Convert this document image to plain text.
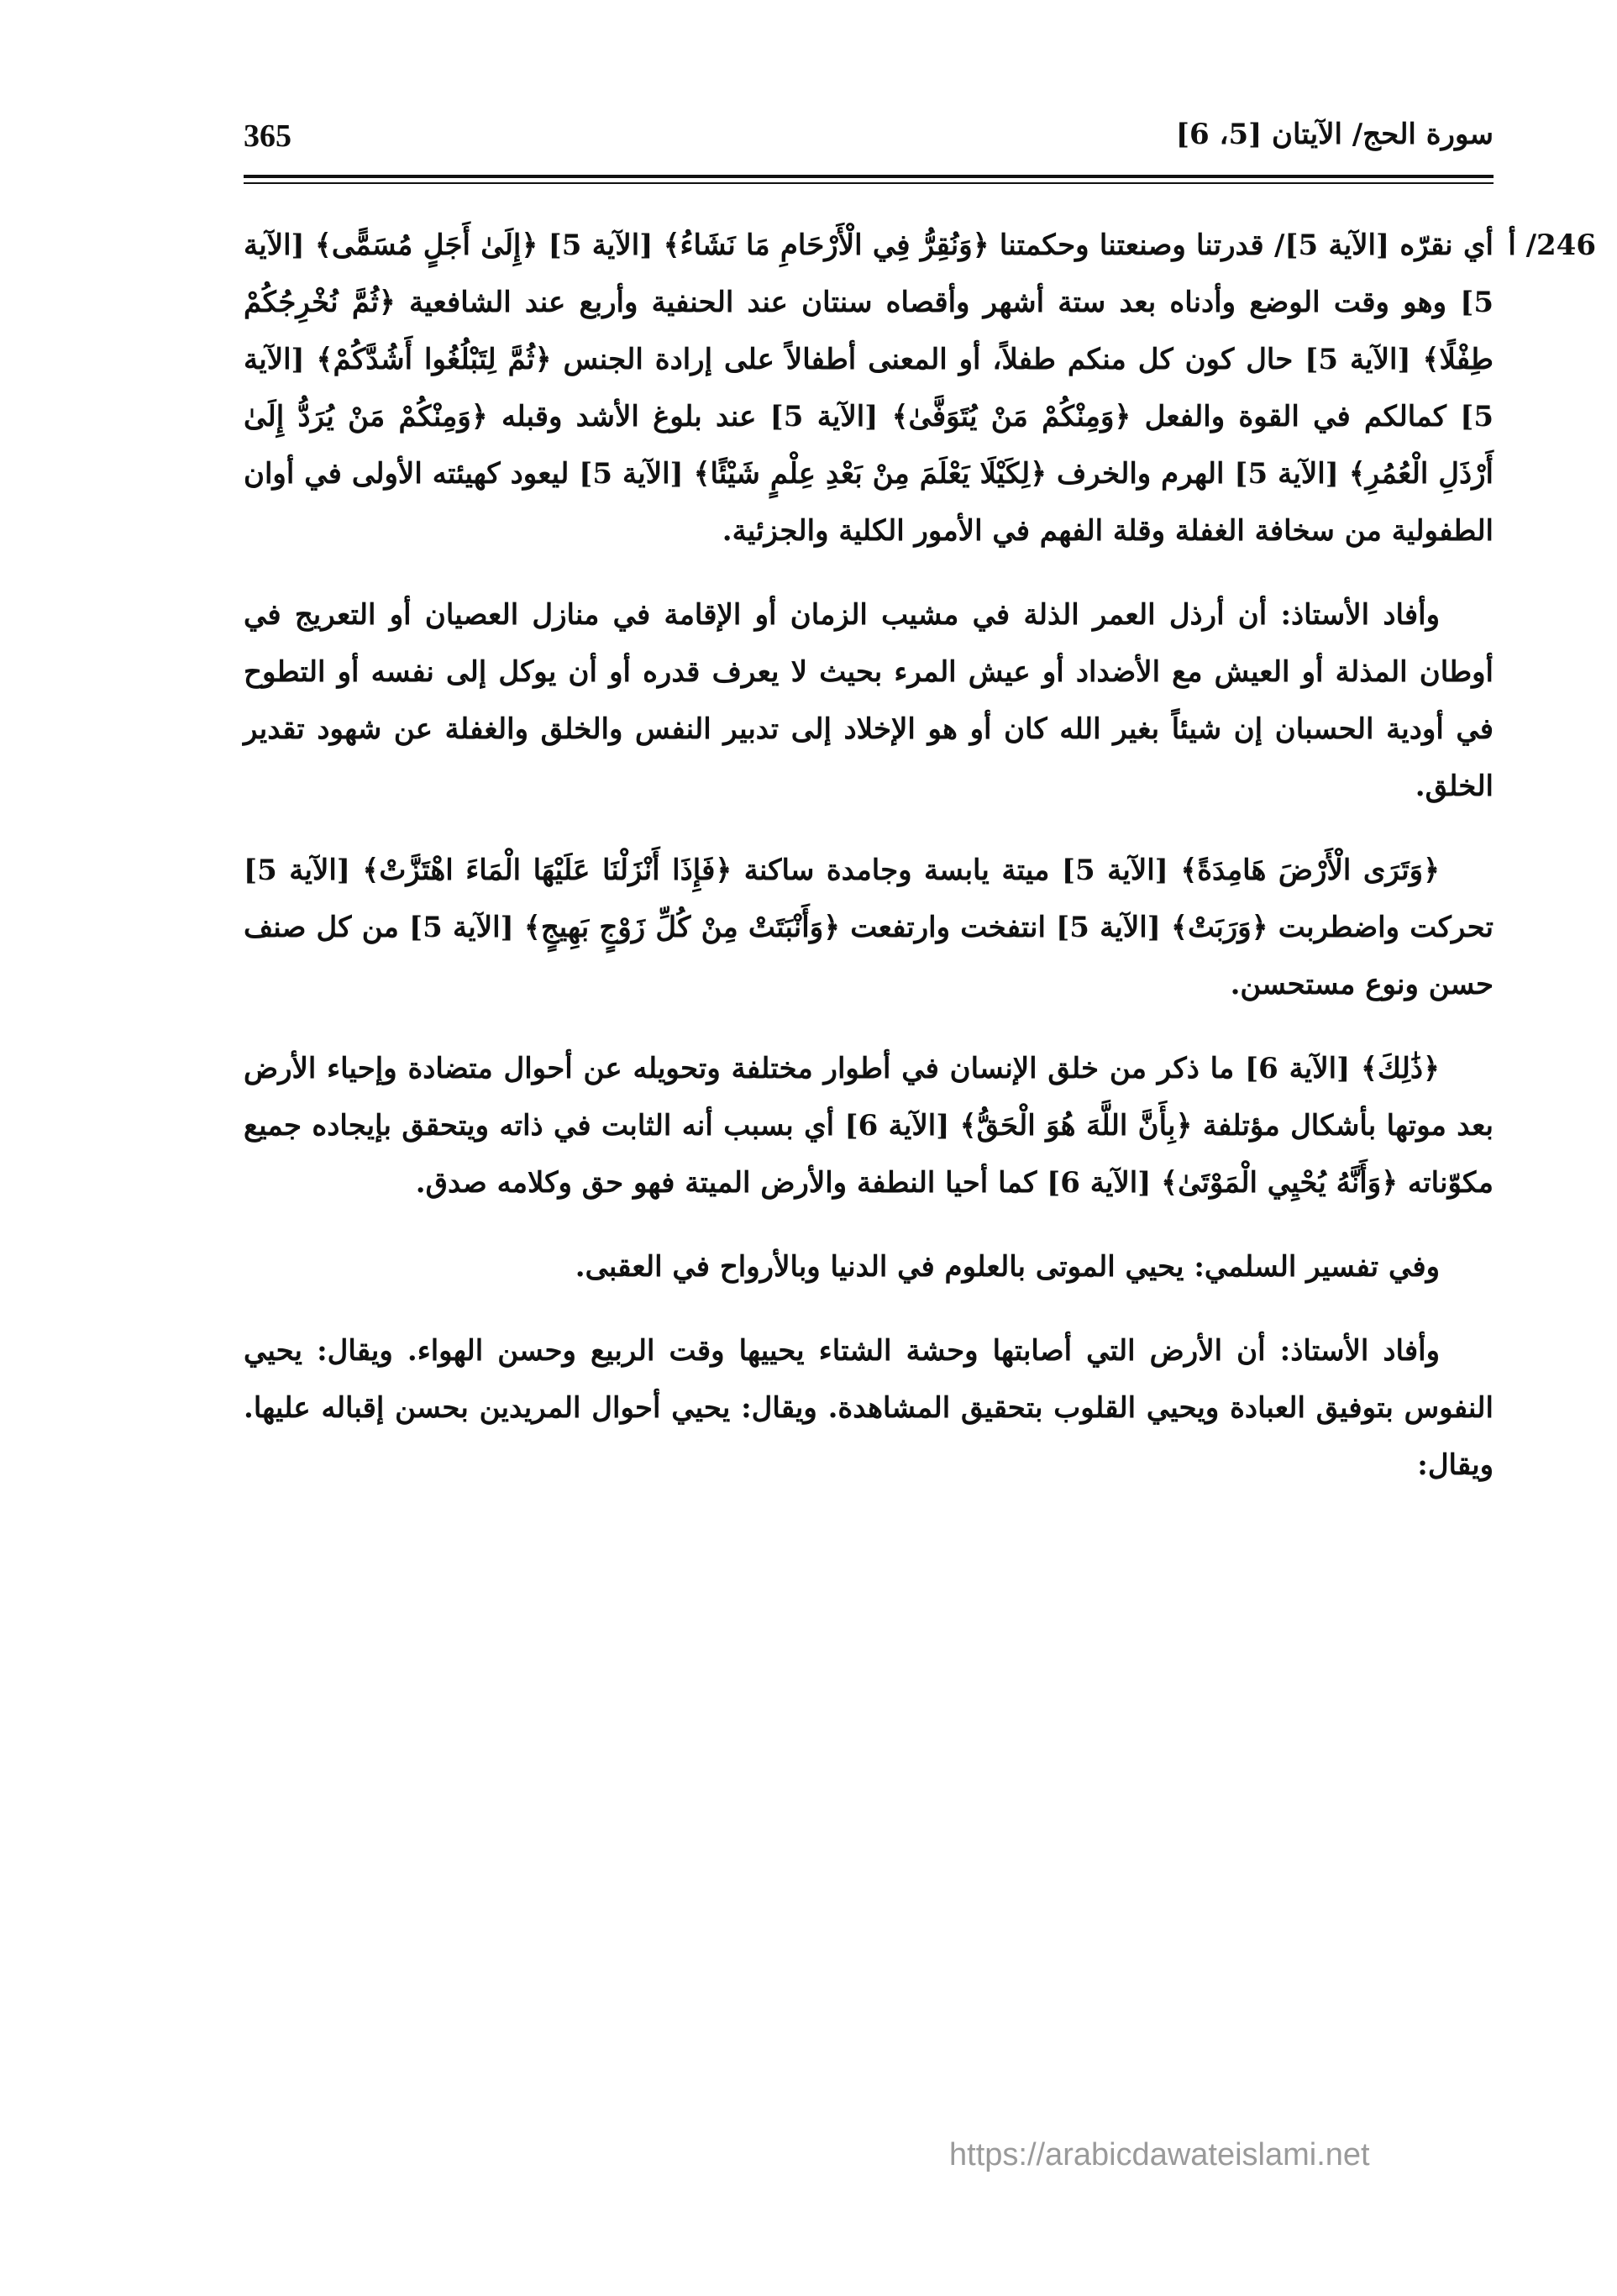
365	سورة الحج/ الآيتان [5، 6]
246/ أ

أي نقرّه [الآية 5]/ قدرتنا وصنعتنا وحكمتنا ﴿وَنُقِرُّ فِي الْأَرْحَامِ مَا نَشَاءُ﴾ [الآية 5] ﴿إِلَىٰ أَجَلٍ مُسَمًّى﴾ [الآية 5] وهو وقت الوضع وأدناه بعد ستة أشهر وأقصاه سنتان عند الحنفية وأربع عند الشافعية ﴿ثُمَّ نُخْرِجُكُمْ طِفْلًا﴾ [الآية 5] حال كون كل منكم طفلاً، أو المعنى أطفالاً على إرادة الجنس ﴿ثُمَّ لِتَبْلُغُوا أَشُدَّكُمْ﴾ [الآية 5] كمالكم في القوة والفعل ﴿وَمِنْكُمْ مَنْ يُتَوَفَّىٰ﴾ [الآية 5] عند بلوغ الأشد وقبله ﴿وَمِنْكُمْ مَنْ يُرَدُّ إِلَىٰ أَرْذَلِ الْعُمُرِ﴾ [الآية 5] الهرم والخرف ﴿لِكَيْلَا يَعْلَمَ مِنْ بَعْدِ عِلْمٍ شَيْئًا﴾ [الآية 5] ليعود كهيئته الأولى في أوان الطفولية من سخافة الغفلة وقلة الفهم في الأمور الكلية والجزئية.

وأفاد الأستاذ: أن أرذل العمر الذلة في مشيب الزمان أو الإقامة في منازل العصيان أو التعريج في أوطان المذلة أو العيش مع الأضداد أو عيش المرء بحيث لا يعرف قدره أو أن يوكل إلى نفسه أو التطوح في أودية الحسبان إن شيئاً بغير الله كان أو هو الإخلاد إلى تدبير النفس والخلق والغفلة عن شهود تقدير الخلق.

﴿وَتَرَى الْأَرْضَ هَامِدَةً﴾ [الآية 5] ميتة يابسة وجامدة ساكنة ﴿فَإِذَا أَنْزَلْنَا عَلَيْهَا الْمَاءَ اهْتَزَّتْ﴾ [الآية 5] تحركت واضطربت ﴿وَرَبَتْ﴾ [الآية 5] انتفخت وارتفعت ﴿وَأَنْبَتَتْ مِنْ كُلِّ زَوْجٍ بَهِيجٍ﴾ [الآية 5] من كل صنف حسن ونوع مستحسن.

﴿ذَٰلِكَ﴾ [الآية 6] ما ذكر من خلق الإنسان في أطوار مختلفة وتحويله عن أحوال متضادة وإحياء الأرض بعد موتها بأشكال مؤتلفة ﴿بِأَنَّ اللَّهَ هُوَ الْحَقُّ﴾ [الآية 6] أي بسبب أنه الثابت في ذاته ويتحقق بإيجاده جميع مكوّناته ﴿وَأَنَّهُ يُحْيِي الْمَوْتَىٰ﴾ [الآية 6] كما أحيا النطفة والأرض الميتة فهو حق وكلامه صدق.

وفي تفسير السلمي: يحيي الموتى بالعلوم في الدنيا وبالأرواح في العقبى.

وأفاد الأستاذ: أن الأرض التي أصابتها وحشة الشتاء يحييها وقت الربيع وحسن الهواء. ويقال: يحيي النفوس بتوفيق العبادة ويحيي القلوب بتحقيق المشاهدة. ويقال: يحيي أحوال المريدين بحسن إقباله عليها. ويقال:

https://arabicdawateislami.net
